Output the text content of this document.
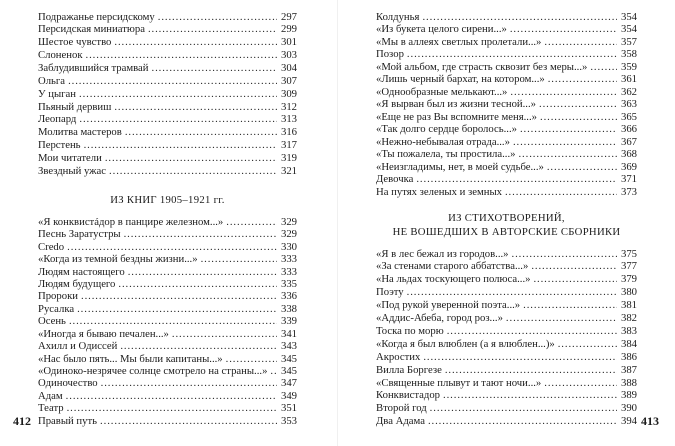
Подражанье персидскому .....	297
Персидская миниатюра .....	299
Шестое чувство .....	301
Слоненок .....	303
Заблудившийся трамвай .....	304
Ольга .....	307
У цыган .....	309
Пьяный дервиш .....	312
Леопард .....	313
Молитва мастеров .....	316
Перстень .....	317
Мои читатели .....	319
Звездный ужас .....	321
ИЗ КНИГ 1905–1921 гг.
«Я конквистáдор в панцире железном...» .....	329
Песнь Заратустры .....	329
Credo .....	330
«Когда из темной бездны жизни...» .....	333
Людям настоящего .....	333
Людям будущего .....	335
Пророки .....	336
Русалка .....	338
Осень .....	339
«Иногда я бываю печален...» .....	341
Ахилл и Одиссей .....	343
«Нас было пять... Мы были капитаны...» .....	345
«Одиноко-незрячее солнце смотрело на страны...» ..... 345
Одиночество .....	347
Адам .....	349
Театр .....	351
Правый путь .....	353
412
Колдунья .....	354
«Из букета целого сирени...» .....	354
«Мы в аллеях светлых пролетали...» .....	357
Позор .....	358
«Мой альбом, где страсть сквозит без меры...» .....	359
«Лишь черный бархат, на котором...» .....	361
«Однообразные мелькают...» .....	362
«Я вырван был из жизни тесной...» .....	363
«Еще не раз Вы вспомните меня...» .....	365
«Так долго сердце боролось...» .....	366
«Нежно-небывалая отрада...» .....	367
«Ты пожалела, ты простила...» .....	368
«Неизгладимы, нет, в моей судьбе...» .....	369
Девочка .....	371
На путях зеленых и земных .....	373
ИЗ СТИХОТВОРЕНИЙ,
НЕ ВОШЕДШИХ В АВТОРСКИЕ СБОРНИКИ
«Я в лес бежал из городов...» .....	375
«За стенами старого аббатства...» .....	377
«На льдах тоскующего полюса...» .....	379
Поэту .....	380
«Под рукой уверенной поэта...» .....	381
«Аддис-Абеба, город роз...» .....	382
Тоска по морю .....	383
«Когда я был влюблен (а я влюблен...)» .....	384
Акростих .....	386
Вилла Боргезе .....	387
«Священные плывут и тают ночи...» .....	388
Конквистадор .....	389
Второй год .....	390
Два Адама .....	394 413
